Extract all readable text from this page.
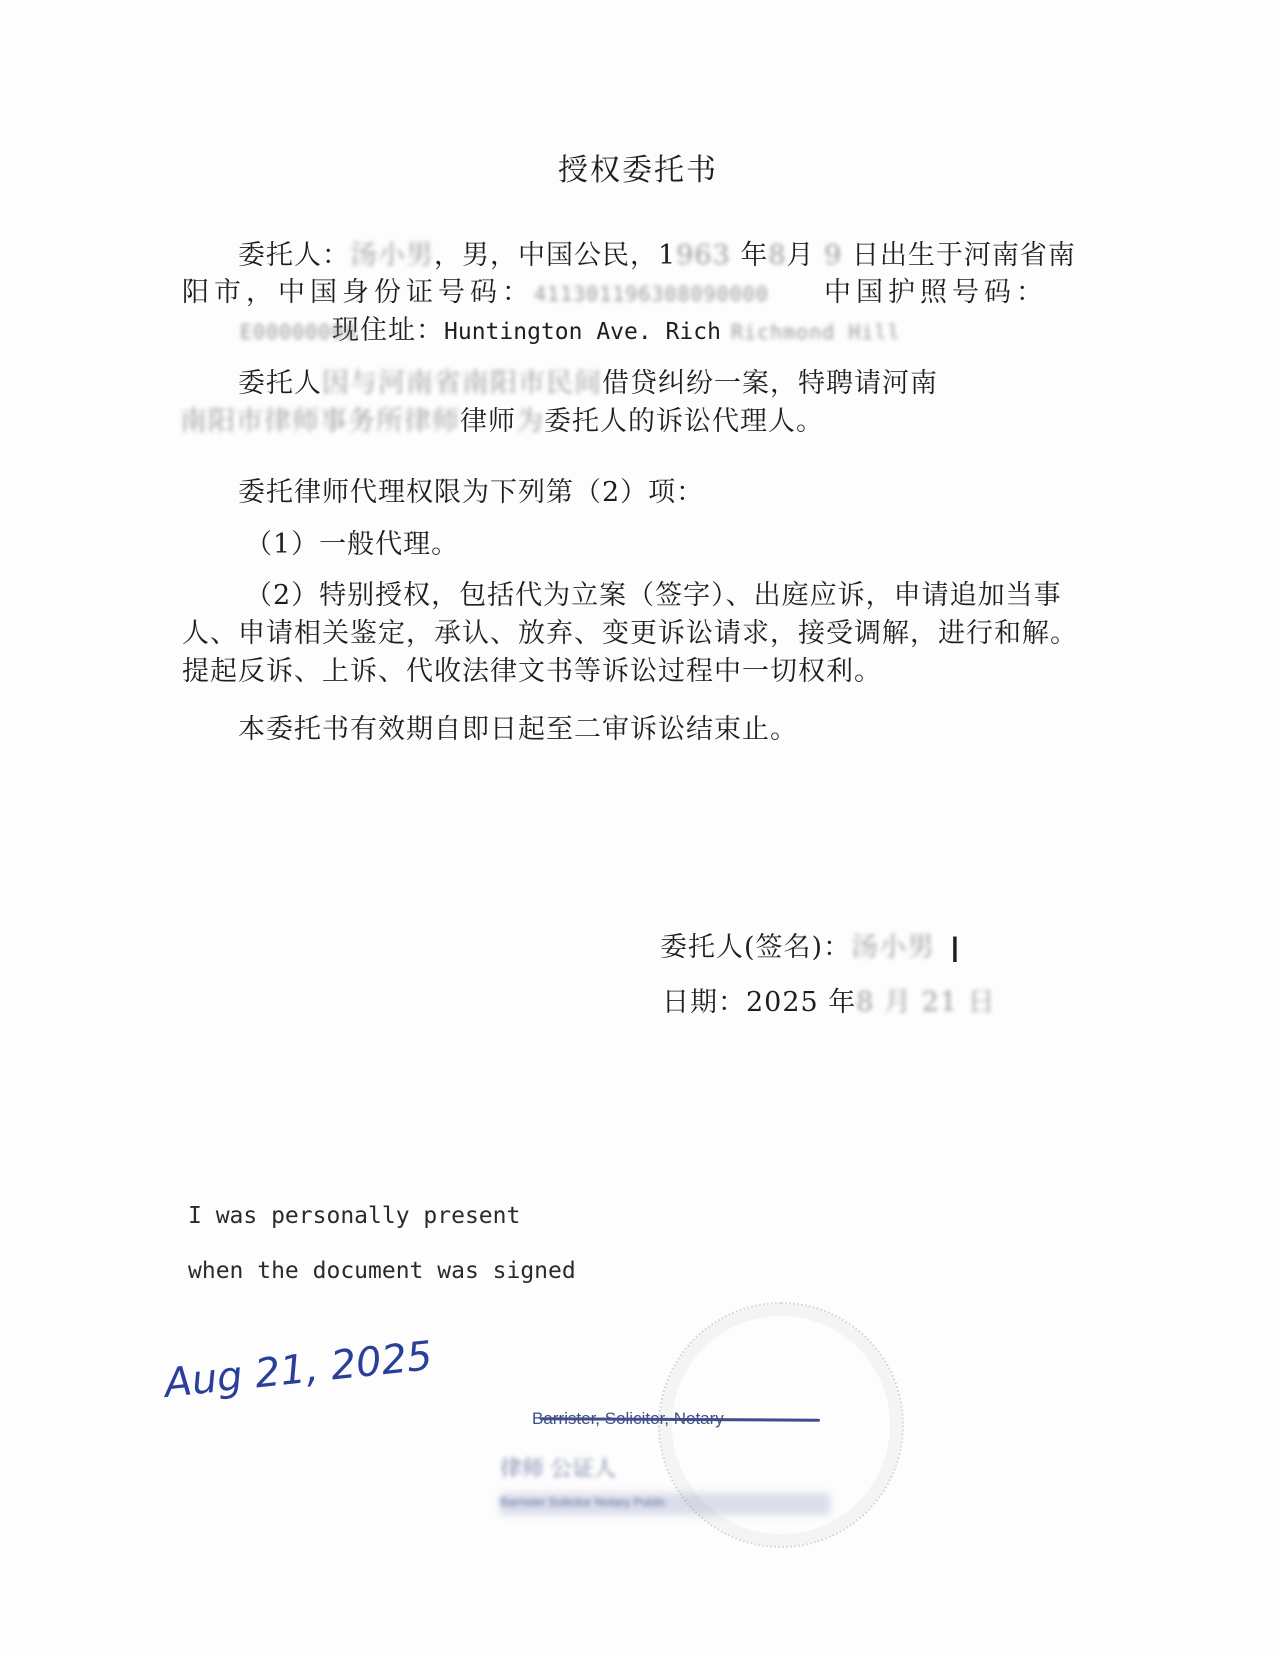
授权委托书
委托人：汤小男，男，中国公民，1963 年8月 9 日出生于河南省南
阳市，中国身份证号码：411301196308090000 中国护照号码：
E00000000现住址：Huntington Ave. Rich Richmond Hill
委托人因与河南省南阳市民间借贷纠纷一案，特聘请河南
南阳市律师事务所律师律师为委托人的诉讼代理人。
委托律师代理权限为下列第（2）项：
（1）一般代理。
（2）特别授权，包括代为立案（签字）、出庭应诉，申请追加当事
人、申请相关鉴定，承认、放弃、变更诉讼请求，接受调解，进行和解。
提起反诉、上诉、代收法律文书等诉讼过程中一切权利。
本委托书有效期自即日起至二审诉讼结束止。
委托人(签名)：汤小男 |
日期：2025 年8 月 21 日
I was personally present
when the document was signed
Aug 21, 2025
Barrister, Solicitor, Notary
律师 公证人
Barrister Solicitor Notary Public
